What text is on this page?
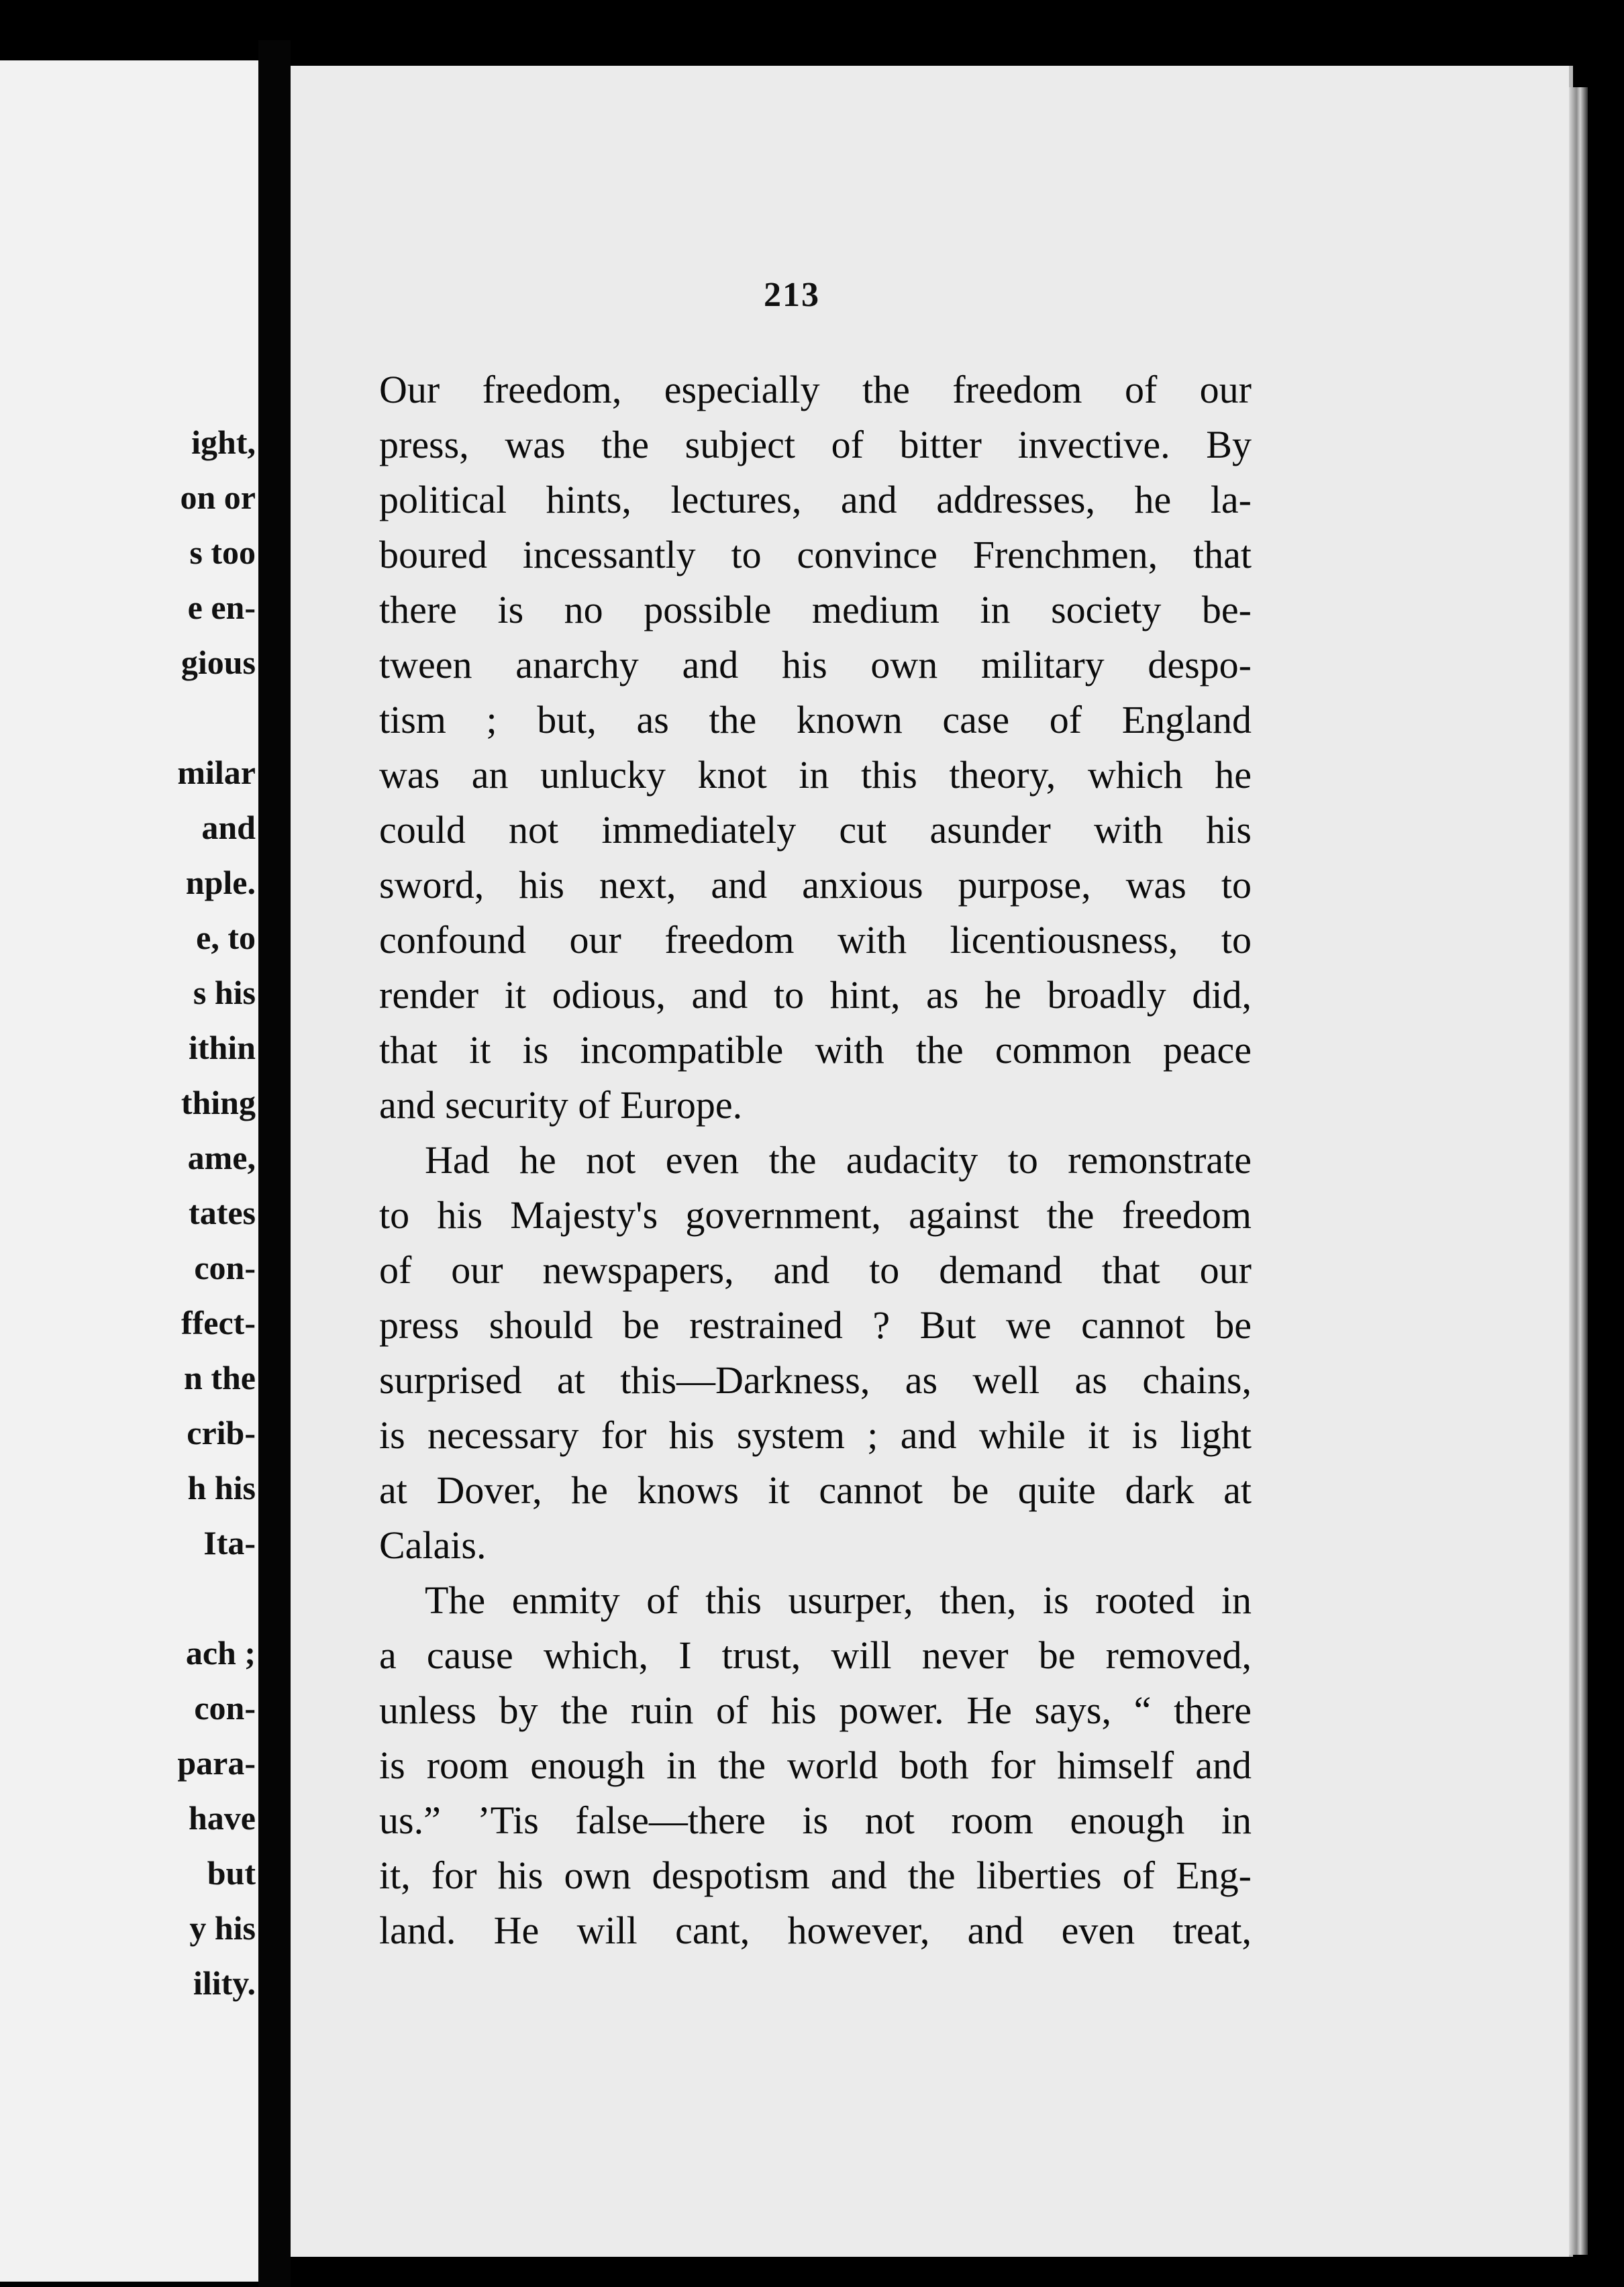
ight,
on or
s too
e en-
gious
milar
and
nple.
e, to
s his
ithin
thing
ame,
tates
con-
ffect-
n the
crib-
h his
Ita-
ach ;
con-
para-
have
but
y his
ility.
213
Our freedom, especially the freedom of our
press, was the subject of bitter invective. By
political hints, lectures, and addresses, he la-
boured incessantly to convince Frenchmen, that
there is no possible medium in society be-
tween anarchy and his own military despo-
tism ; but, as the known case of England
was an unlucky knot in this theory, which he
could not immediately cut asunder with his
sword, his next, and anxious purpose, was to
confound our freedom with licentiousness, to
render it odious, and to hint, as he broadly did,
that it is incompatible with the common peace
and security of Europe.
Had he not even the audacity to remonstrate
to his Majesty's government, against the freedom
of our newspapers, and to demand that our
press should be restrained ? But we cannot be
surprised at this—Darkness, as well as chains,
is necessary for his system ; and while it is light
at Dover, he knows it cannot be quite dark at
Calais.
The enmity of this usurper, then, is rooted in
a cause which, I trust, will never be removed,
unless by the ruin of his power. He says, “ there
is room enough in the world both for himself and
us.” ’Tis false—there is not room enough in
it, for his own despotism and the liberties of Eng-
land. He will cant, however, and even treat,
